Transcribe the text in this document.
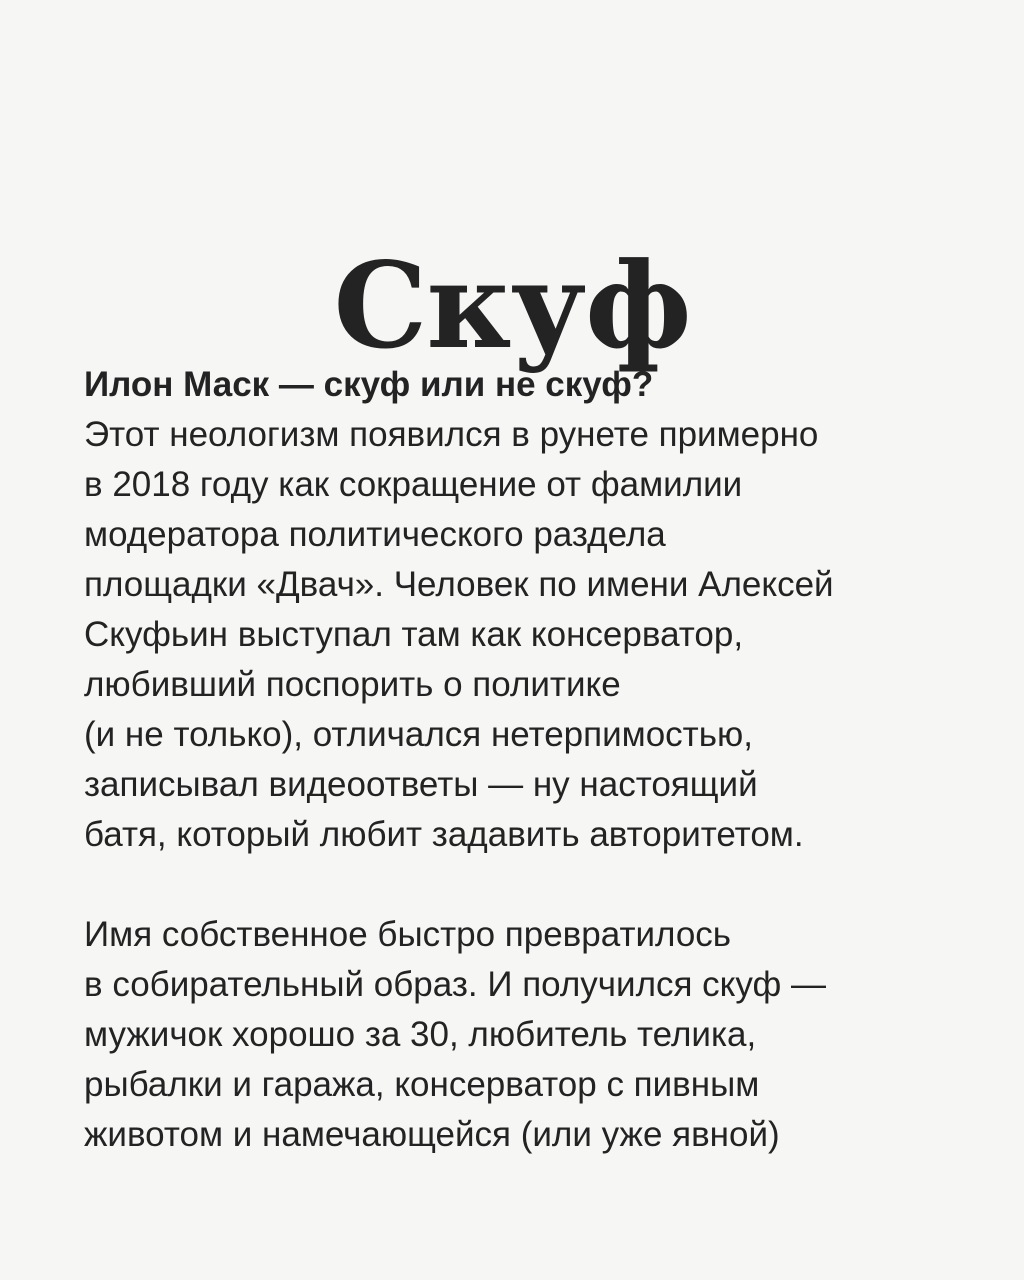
Скуф

Илон Маск — скуф или не скуф?

Этот неологизм появился в рунете примерно
в 2018 году как сокращение от фамилии
модератора политического раздела
площадки «Двач». Человек по имени Алексей
Скуфьин выступал там как консерватор,
любивший поспорить о политике
(и не только), отличался нетерпимостью,
записывал видеоответы — ну настоящий
батя, который любит задавить авторитетом.

Имя собственное быстро превратилось
в собирательный образ. И получился скуф —
мужичок хорошо за 30, любитель телика,
рыбалки и гаража, консерватор с пивным
животом и намечающейся (или уже явной)
